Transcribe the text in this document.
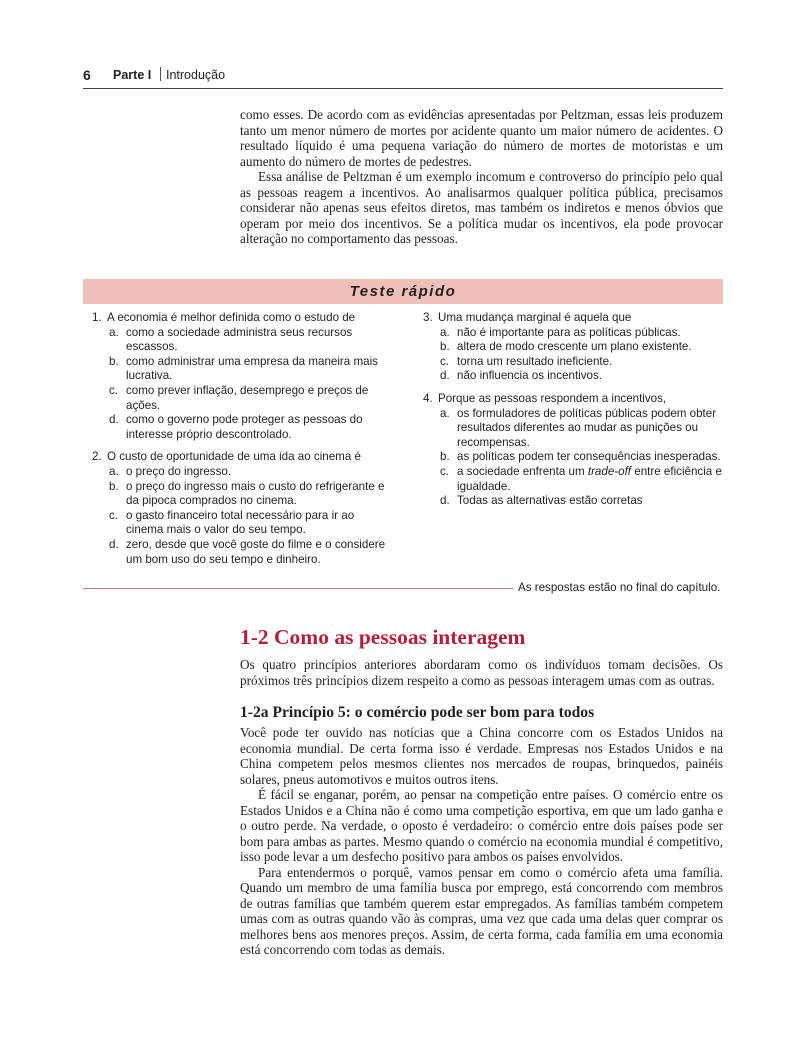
6 Parte I Introdução

como esses. De acordo com as evidências apresentadas por Peltzman, essas leis produzem tanto um menor número de mortes por acidente quanto um maior número de acidentes. O resultado líquido é uma pequena variação do número de mortes de motoristas e um aumento do número de mortes de pedestres.

Essa análise de Peltzman é um exemplo incomum e controverso do princípio pelo qual as pessoas reagem a incentivos. Ao analisarmos qualquer política pública, precisamos considerar não apenas seus efeitos diretos, mas também os indiretos e menos óbvios que operam por meio dos incentivos. Se a política mudar os incentivos, ela pode provocar alteração no comportamento das pessoas.

Teste rápido
1. A economia é melhor definida como o estudo de
a. como a sociedade administra seus recursos escassos.
b. como administrar uma empresa da maneira mais lucrativa.
c. como prever inflação, desemprego e preços de ações.
d. como o governo pode proteger as pessoas do interesse próprio descontrolado.
2. O custo de oportunidade de uma ida ao cinema é
a. o preço do ingresso.
b. o preço do ingresso mais o custo do refrigerante e da pipoca comprados no cinema.
c. o gasto financeiro total necessário para ir ao cinema mais o valor do seu tempo.
d. zero, desde que você goste do filme e o considere um bom uso do seu tempo e dinheiro.
3. Uma mudança marginal é aquela que
a. não é importante para as políticas públicas.
b. altera de modo crescente um plano existente.
c. torna um resultado ineficiente.
d. não influencia os incentivos.
4. Porque as pessoas respondem a incentivos,
a. os formuladores de políticas públicas podem obter resultados diferentes ao mudar as punições ou recompensas.
b. as políticas podem ter consequências inesperadas.
c. a sociedade enfrenta um trade-off entre eficiência e igualdade.
d. Todas as alternativas estão corretas
As respostas estão no final do capítulo.
1-2 Como as pessoas interagem

Os quatro princípios anteriores abordaram como os indivíduos tomam decisões. Os próximos três princípios dizem respeito a como as pessoas interagem umas com as outras.

1-2a Princípio 5: o comércio pode ser bom para todos

Você pode ter ouvido nas notícias que a China concorre com os Estados Unidos na economia mundial. De certa forma isso é verdade. Empresas nos Estados Unidos e na China competem pelos mesmos clientes nos mercados de roupas, brinquedos, painéis solares, pneus automotivos e muitos outros itens.

É fácil se enganar, porém, ao pensar na competição entre países. O comércio entre os Estados Unidos e a China não é como uma competição esportiva, em que um lado ganha e o outro perde. Na verdade, o oposto é verdadeiro: o comércio entre dois países pode ser bom para ambas as partes. Mesmo quando o comércio na economia mundial é competitivo, isso pode levar a um desfecho positivo para ambos os países envolvidos.

Para entendermos o porquê, vamos pensar em como o comércio afeta uma família. Quando um membro de uma família busca por emprego, está concorrendo com membros de outras famílias que também querem estar empregados. As famílias também competem umas com as outras quando vão às compras, uma vez que cada uma delas quer comprar os melhores bens aos menores preços. Assim, de certa forma, cada família em uma economia está concorrendo com todas as demais.
